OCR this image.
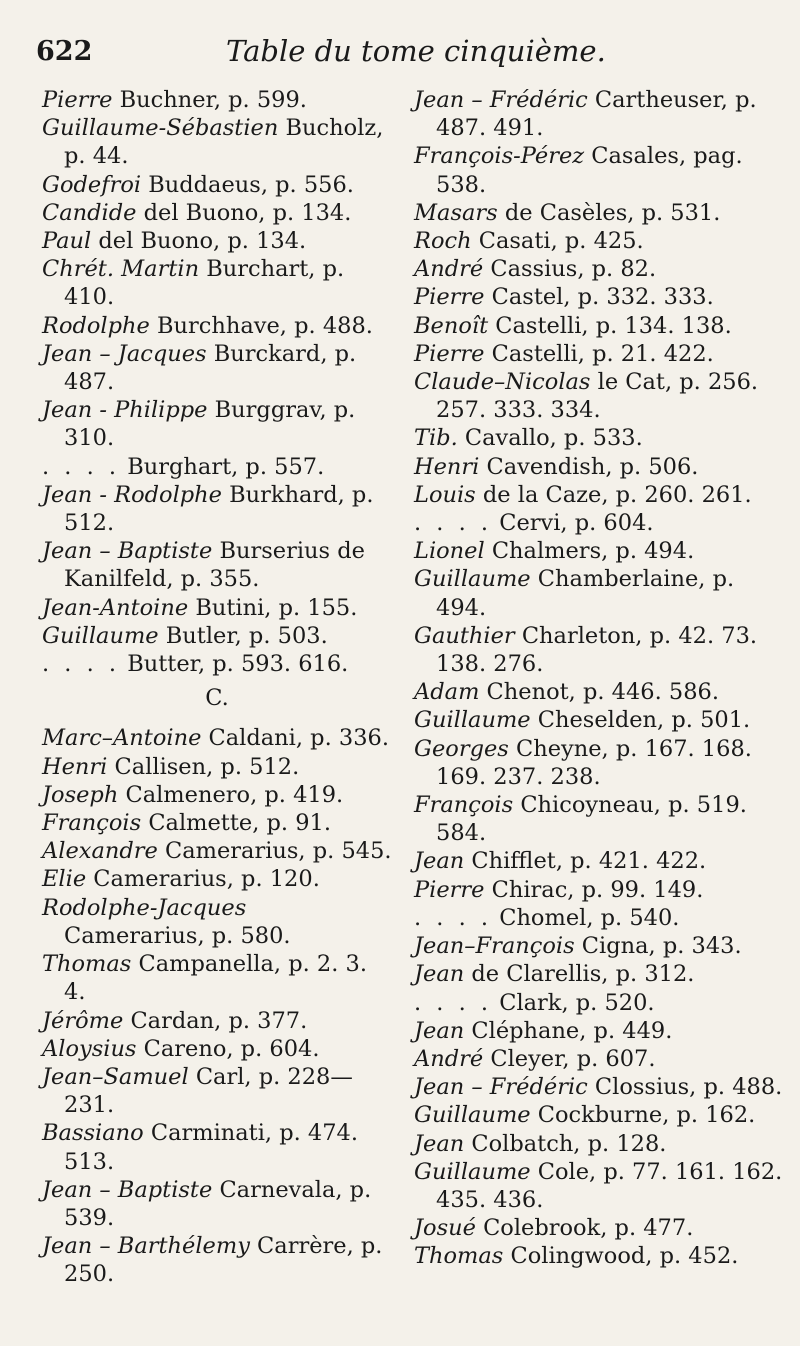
622	Table du tome cinquième.

Pierre Buchner, p. 599.

Guillaume-Sébastien Bucholz, p. 44.

Godefroi Buddaeus, p. 556.

Candide del Buono, p. 134.

Paul del Buono, p. 134.

Chrét. Martin Burchart, p. 410.

Rodolphe Burchhave, p. 488.

Jean – Jacques Burckard, p. 487.

Jean - Philippe Burggrav, p. 310.

. . . . Burghart, p. 557.

Jean - Rodolphe Burkhard, p. 512.

Jean – Baptiste Burserius de Kanilfeld, p. 355.

Jean-Antoine Butini, p. 155.

Guillaume Butler, p. 503.

. . . . Butter, p. 593. 616.

C.

Marc–Antoine Caldani, p. 336.

Henri Callisen, p. 512.

Joseph Calmenero, p. 419.

François Calmette, p. 91.

Alexandre Camerarius, p. 545.

Elie Camerarius, p. 120.

Rodolphe-Jacques Camerarius, p. 580.

Thomas Campanella, p. 2. 3. 4.

Jérôme Cardan, p. 377.

Aloysius Careno, p. 604.

Jean–Samuel Carl, p. 228—231.

Bassiano Carminati, p. 474. 513.

Jean – Baptiste Carnevala, p. 539.

Jean – Barthélemy Carrère, p. 250.

Jean – Frédéric Cartheuser, p. 487. 491.

François-Pérez Casales, pag. 538.

Masars de Casèles, p. 531.

Roch Casati, p. 425.

André Cassius, p. 82.

Pierre Castel, p. 332. 333.

Benoît Castelli, p. 134. 138.

Pierre Castelli, p. 21. 422.

Claude–Nicolas le Cat, p. 256. 257. 333. 334.

Tib. Cavallo, p. 533.

Henri Cavendish, p. 506.

Louis de la Caze, p. 260. 261.

. . . . Cervi, p. 604.

Lionel Chalmers, p. 494.

Guillaume Chamberlaine, p. 494.

Gauthier Charleton, p. 42. 73. 138. 276.

Adam Chenot, p. 446. 586.

Guillaume Cheselden, p. 501.

Georges Cheyne, p. 167. 168. 169. 237. 238.

François Chicoyneau, p. 519. 584.

Jean Chifflet, p. 421. 422.

Pierre Chirac, p. 99. 149.

. . . . Chomel, p. 540.

Jean–François Cigna, p. 343.

Jean de Clarellis, p. 312.

. . . . Clark, p. 520.

Jean Cléphane, p. 449.

André Cleyer, p. 607.

Jean – Frédéric Clossius, p. 488.

Guillaume Cockburne, p. 162.

Jean Colbatch, p. 128.

Guillaume Cole, p. 77. 161. 162. 435. 436.

Josué Colebrook, p. 477.

Thomas Colingwood, p. 452.
